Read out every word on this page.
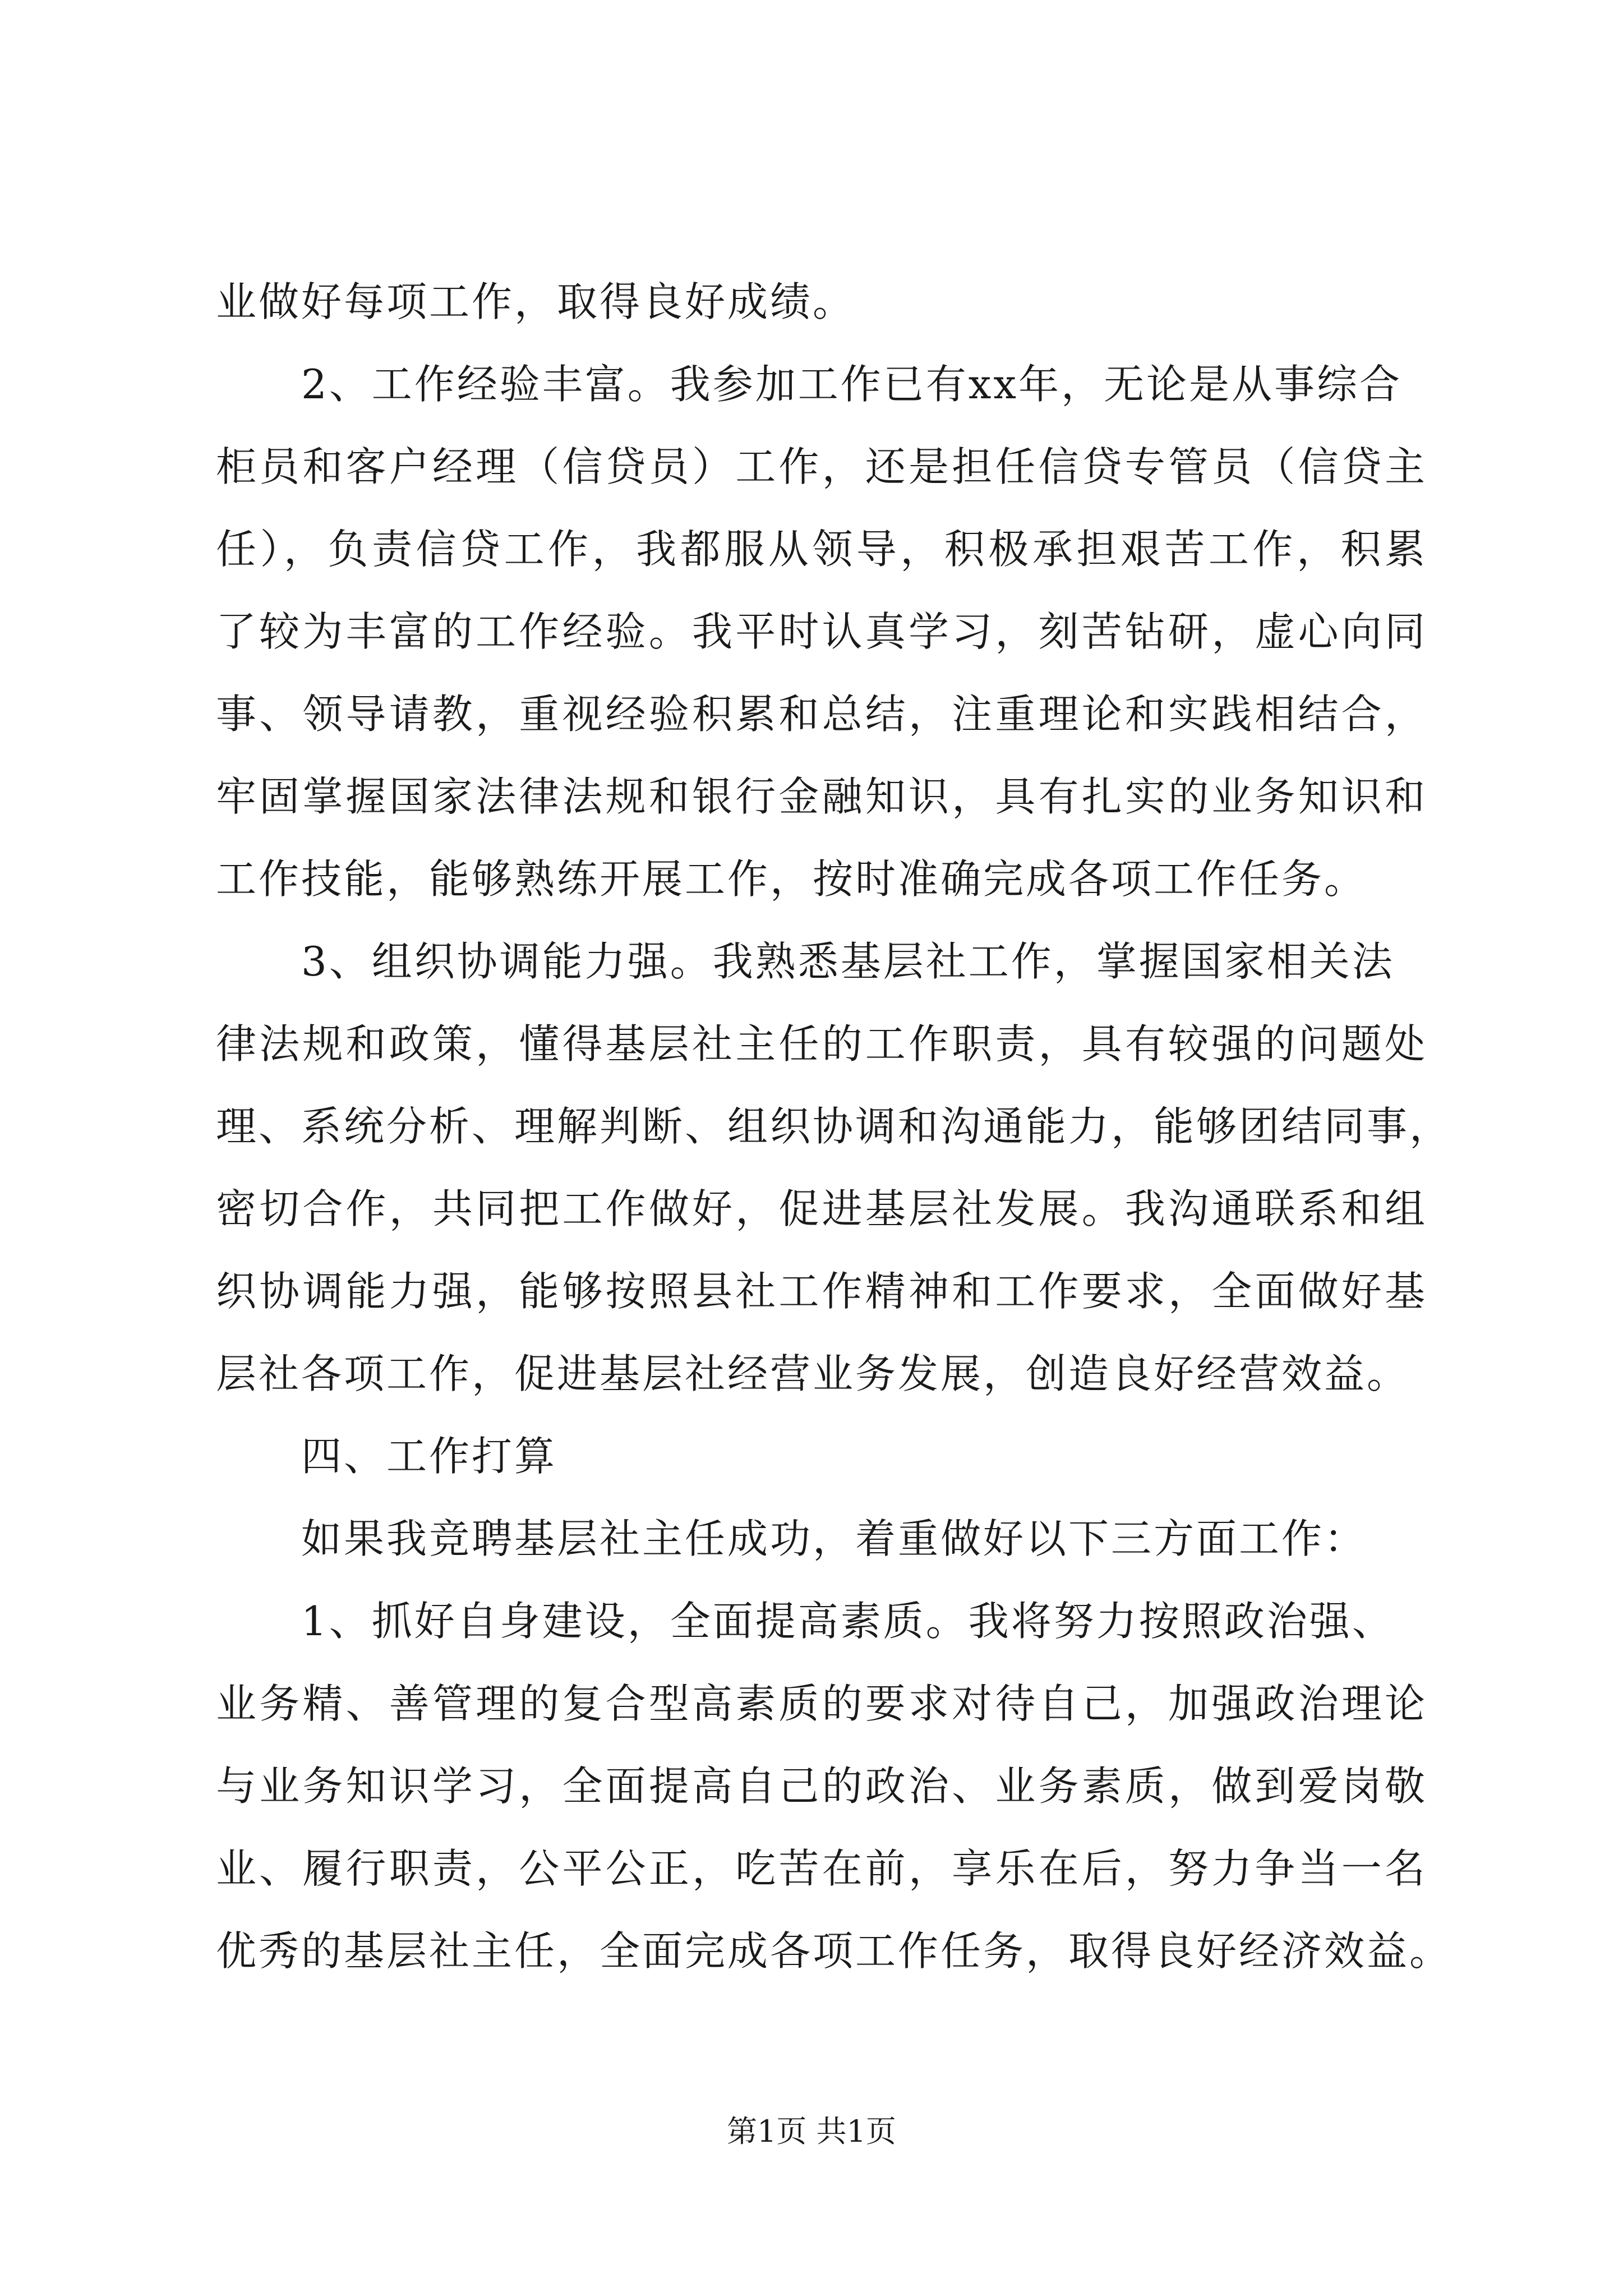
业做好每项工作，取得良好成绩。
2、工作经验丰富。我参加工作已有xx年，无论是从事综合
柜员和客户经理（信贷员）工作，还是担任信贷专管员（信贷主
任），负责信贷工作，我都服从领导，积极承担艰苦工作，积累
了较为丰富的工作经验。我平时认真学习，刻苦钻研，虚心向同
事、领导请教，重视经验积累和总结，注重理论和实践相结合，
牢固掌握国家法律法规和银行金融知识，具有扎实的业务知识和
工作技能，能够熟练开展工作，按时准确完成各项工作任务。
3、组织协调能力强。我熟悉基层社工作，掌握国家相关法
律法规和政策，懂得基层社主任的工作职责，具有较强的问题处
理、系统分析、理解判断、组织协调和沟通能力，能够团结同事，
密切合作，共同把工作做好，促进基层社发展。我沟通联系和组
织协调能力强，能够按照县社工作精神和工作要求，全面做好基
层社各项工作，促进基层社经营业务发展，创造良好经营效益。
四、工作打算
如果我竞聘基层社主任成功，着重做好以下三方面工作：
1、抓好自身建设，全面提高素质。我将努力按照政治强、
业务精、善管理的复合型高素质的要求对待自己，加强政治理论
与业务知识学习，全面提高自己的政治、业务素质，做到爱岗敬
业、履行职责，公平公正，吃苦在前，享乐在后，努力争当一名
优秀的基层社主任，全面完成各项工作任务，取得良好经济效益。
第1页 共1页
